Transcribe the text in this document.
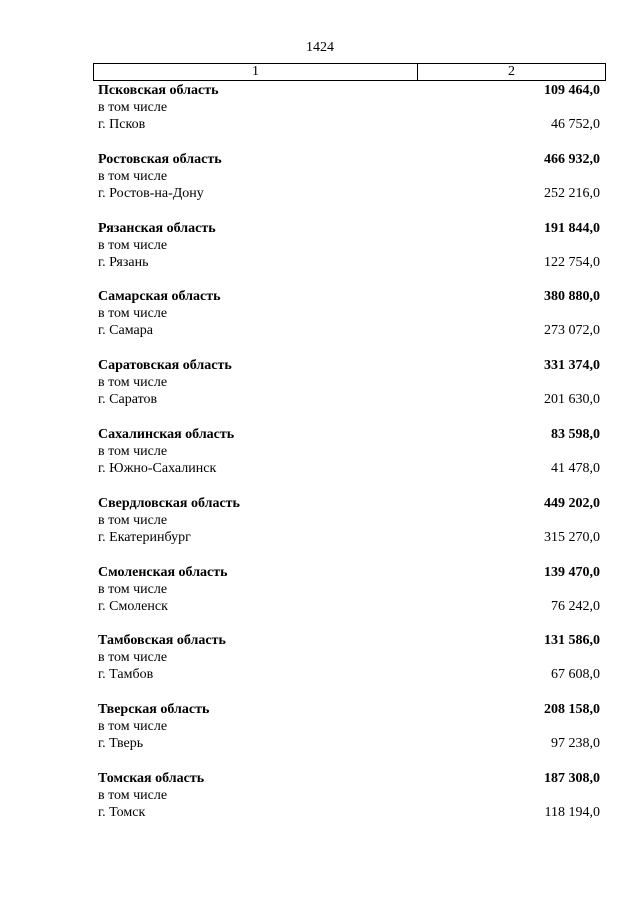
1424
1	2
Псковская область	109 464,0
в том числе
г. Псков	46 752,0
Ростовская область	466 932,0
в том числе
г. Ростов-на-Дону	252 216,0
Рязанская область	191 844,0
в том числе
г. Рязань	122 754,0
Самарская область	380 880,0
в том числе
г. Самара	273 072,0
Саратовская область	331 374,0
в том числе
г. Саратов	201 630,0
Сахалинская область	83 598,0
в том числе
г. Южно-Сахалинск	41 478,0
Свердловская область	449 202,0
в том числе
г. Екатеринбург	315 270,0
Смоленская область	139 470,0
в том числе
г. Смоленск	76 242,0
Тамбовская область	131 586,0
в том числе
г. Тамбов	67 608,0
Тверская область	208 158,0
в том числе
г. Тверь	97 238,0
Томская область	187 308,0
в том числе
г. Томск	118 194,0
